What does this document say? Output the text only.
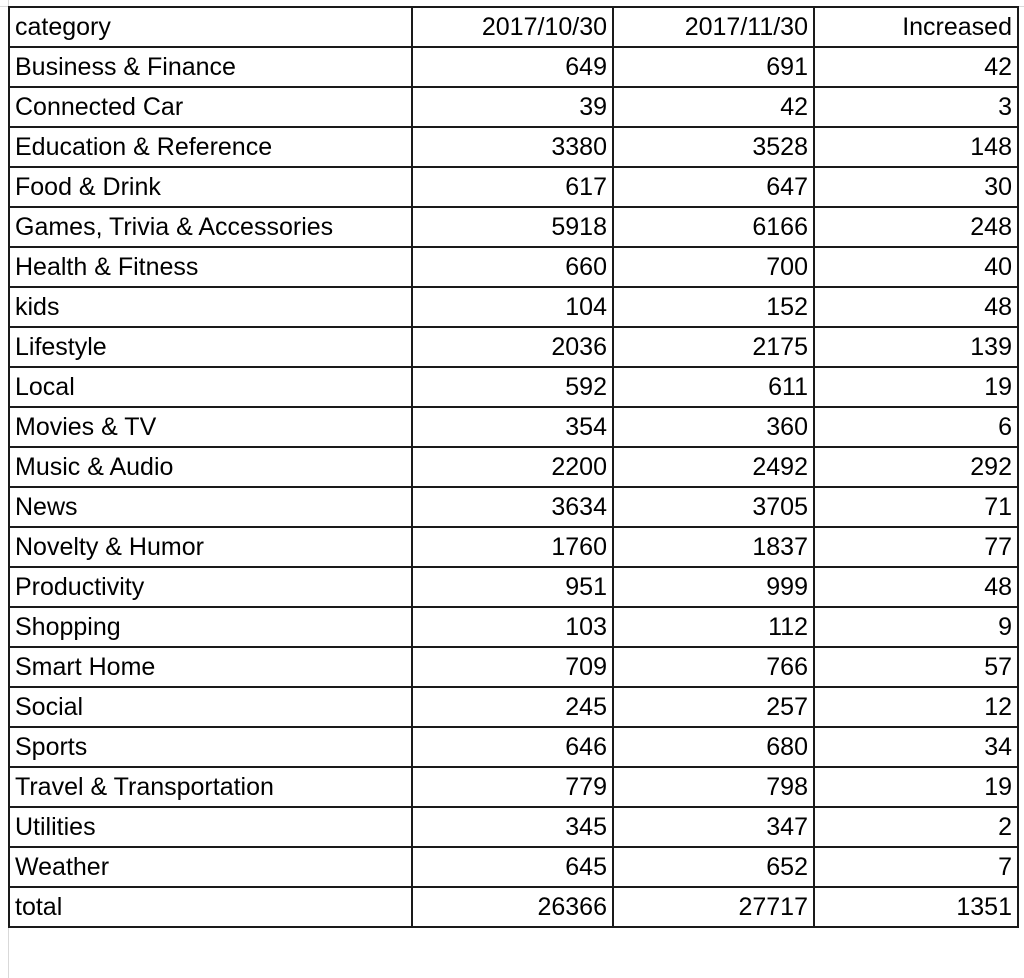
category	2017/10/30	2017/11/30	Increased
Business & Finance	649	691	42
Connected Car	39	42	3
Education & Reference	3380	3528	148
Food & Drink	617	647	30
Games, Trivia & Accessories	5918	6166	248
Health & Fitness	660	700	40
kids	104	152	48
Lifestyle	2036	2175	139
Local	592	611	19
Movies & TV	354	360	6
Music & Audio	2200	2492	292
News	3634	3705	71
Novelty & Humor	1760	1837	77
Productivity	951	999	48
Shopping	103	112	9
Smart Home	709	766	57
Social	245	257	12
Sports	646	680	34
Travel & Transportation	779	798	19
Utilities	345	347	2
Weather	645	652	7
total	26366	27717	1351
